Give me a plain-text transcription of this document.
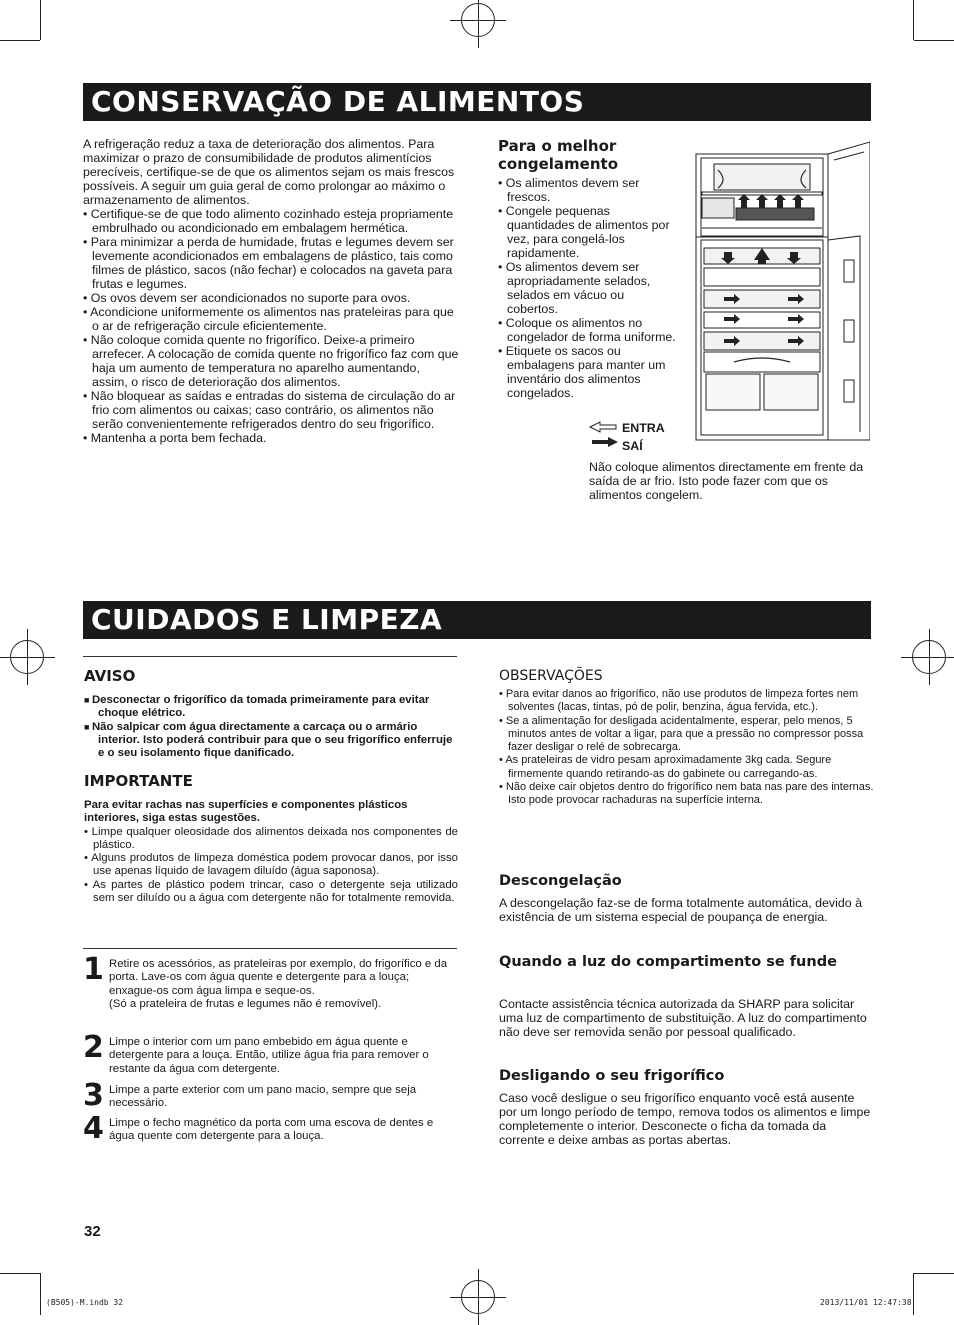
CONSERVAÇÃO DE ALIMENTOS

A refrigeração reduz a taxa de deterioração dos alimentos. Para maximizar o prazo de consumibilidade de produtos alimentícios perecíveis, certifique-se de que os alimentos sejam os mais frescos possíveis. A seguir um guia geral de como prolongar ao máximo o armazenamento de alimentos.

• Certifique-se de que todo alimento cozinhado esteja propriamente embrulhado ou acondicionado em embalagem hermética.
• Para minimizar a perda de humidade, frutas e legumes devem ser levemente acondicionados em embalagens de plástico, tais como filmes de plástico, sacos (não fechar) e colocados na gaveta para frutas e legumes.
• Os ovos devem ser acondicionados no suporte para ovos.
• Acondicione uniformemente os alimentos nas prateleiras para que o ar de refrigeração circule eficientemente.
• Não coloque comida quente no frigorífico. Deixe-a primeiro arrefecer. A colocação de comida quente no frigorífico faz com que haja um aumento de temperatura no aparelho aumentando, assim, o risco de deterioração dos alimentos.
• Não bloquear as saídas e entradas do sistema de circulação do ar frio com alimentos ou caixas; caso contrário, os alimentos não serão convenientemente refrigerados dentro do seu frigorífico.
• Mantenha a porta bem fechada.
Para o melhor congelamento
• Os alimentos devem ser frescos.
• Congele pequenas quantidades de alimentos por vez, para congelá-los rapidamente.
• Os alimentos devem ser apropriadamente selados, selados em vácuo ou cobertos.
• Coloque os alimentos no congelador de forma uniforme.
• Etiquete os sacos ou embalagens para manter um inventário dos alimentos congelados.
ENTRA
SAÍ
Não coloque alimentos directamente em frente da saída de ar frio. Isto pode fazer com que os alimentos congelem.
CUIDADOS E LIMPEZA
AVISO
■ Desconectar o frigorífico da tomada primeiramente para evitar choque elétrico.
■ Não salpicar com água directamente a carcaça ou o armário interior. Isto poderá contribuir para que o seu frigorífico enferruje e o seu isolamento fique danificado.
IMPORTANTE

Para evitar rachas nas superfícies e componentes plásticos interiores, siga estas sugestões.

• Limpe qualquer oleosidade dos alimentos deixada nos componentes de plástico.
• Alguns produtos de limpeza doméstica podem provocar danos, por isso use apenas líquido de lavagem diluído (água saponosa).
• As partes de plástico podem trincar, caso o detergente seja utilizado sem ser diluído ou a água com detergente não for totalmente removida.
1 Retire os acessórios, as prateleiras por exemplo, do frigorífico e da porta. Lave-os com água quente e detergente para a louça; enxague-os com água limpa e seque-os.

(Só a prateleira de frutas e legumes não é removível).

2 Limpe o interior com um pano embebido em água quente e detergente para a louça. Então, utilize água fria para remover o restante da água com detergente.

3 Limpe a parte exterior com um pano macio, sempre que seja necessário.

4 Limpe o fecho magnético da porta com uma escova de dentes e água quente com detergente para a louça.

OBSERVAÇÕES
• Para evitar danos ao frigorífico, não use produtos de limpeza fortes nem solventes (lacas, tintas, pó de polir, benzina, água fervida, etc.).
• Se a alimentação for desligada acidentalmente, esperar, pelo menos, 5 minutos antes de voltar a ligar, para que a pressão no compressor possa fazer desligar o relé de sobrecarga.
• As prateleiras de vidro pesam aproximadamente 3kg cada. Segure firmemente quando retirando-as do gabinete ou carregando-as.
• Não deixe cair objetos dentro do frigorífico nem bata nas pare des internas. Isto pode provocar rachaduras na superfície interna.
Descongelação
A descongelação faz-se de forma totalmente automática, devido à existência de um sistema especial de poupança de energia.
Quando a luz do compartimento se funde
Contacte assistência técnica autorizada da SHARP para solicitar uma luz de compartimento de substituição. A luz do compartimento não deve ser removida senão por pessoal qualificado.
Desligando o seu frigorífico
Caso você desligue o seu frigorífico enquanto você está ausente por um longo período de tempo, remova todos os alimentos e limpe completemente o interior. Desconecte o ficha da tomada da corrente e deixe ambas as portas abertas.
32
(B505)-M.indb 32	2013/11/01 12:47:38
